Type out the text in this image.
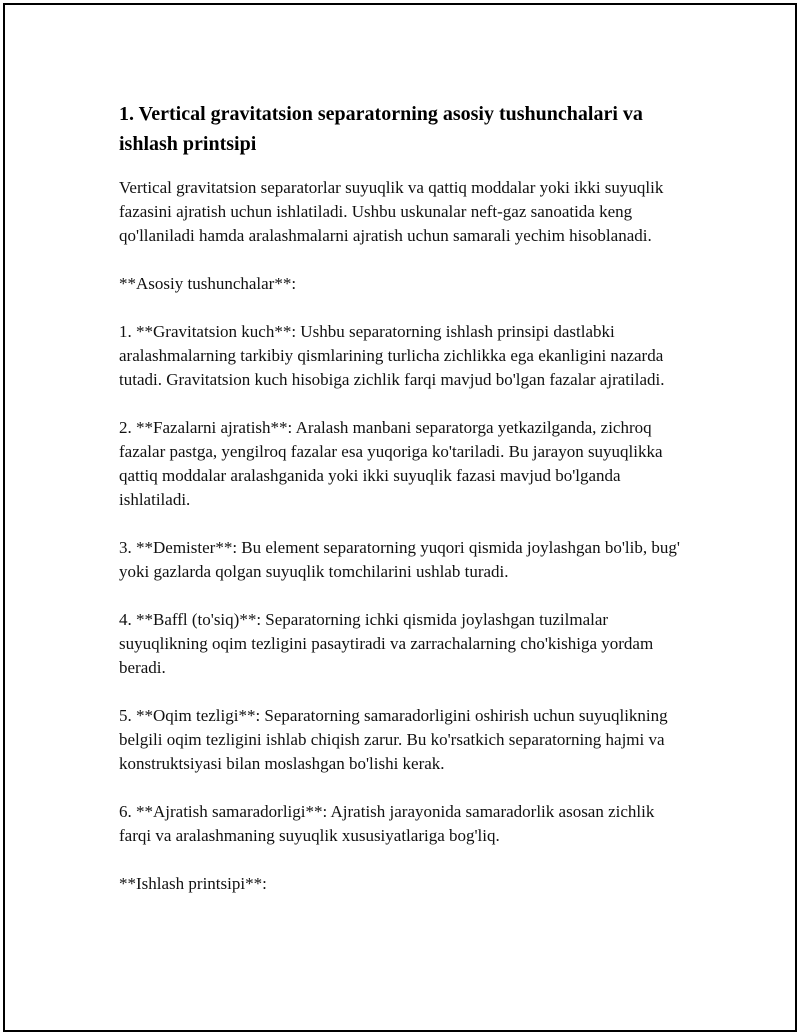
1. Vertical gravitatsion separatorning asosiy tushunchalari va ishlash printsipi

Vertical gravitatsion separatorlar suyuqlik va qattiq moddalar yoki ikki suyuqlik fazasini ajratish uchun ishlatiladi. Ushbu uskunalar neft-gaz sanoatida keng qo'llaniladi hamda aralashmalarni ajratish uchun samarali yechim hisoblanadi.

**Asosiy tushunchalar**:

1. **Gravitatsion kuch**: Ushbu separatorning ishlash prinsipi dastlabki aralashmalarning tarkibiy qismlarining turlicha zichlikka ega ekanligini nazarda tutadi. Gravitatsion kuch hisobiga zichlik farqi mavjud bo'lgan fazalar ajratiladi.

2. **Fazalarni ajratish**: Aralash manbani separatorga yetkazilganda, zichroq fazalar pastga, yengilroq fazalar esa yuqoriga ko'tariladi. Bu jarayon suyuqlikka qattiq moddalar aralashganida yoki ikki suyuqlik fazasi mavjud bo'lganda ishlatiladi.

3. **Demister**: Bu element separatorning yuqori qismida joylashgan bo'lib, bug' yoki gazlarda qolgan suyuqlik tomchilarini ushlab turadi.

4. **Baffl (to'siq)**: Separatorning ichki qismida joylashgan tuzilmalar suyuqlikning oqim tezligini pasaytiradi va zarrachalarning cho'kishiga yordam beradi.

5. **Oqim tezligi**: Separatorning samaradorligini oshirish uchun suyuqlikning belgili oqim tezligini ishlab chiqish zarur. Bu ko'rsatkich separatorning hajmi va konstruktsiyasi bilan moslashgan bo'lishi kerak.

6. **Ajratish samaradorligi**: Ajratish jarayonida samaradorlik asosan zichlik farqi va aralashmaning suyuqlik xususiyatlariga bog'liq.

**Ishlash printsipi**:
